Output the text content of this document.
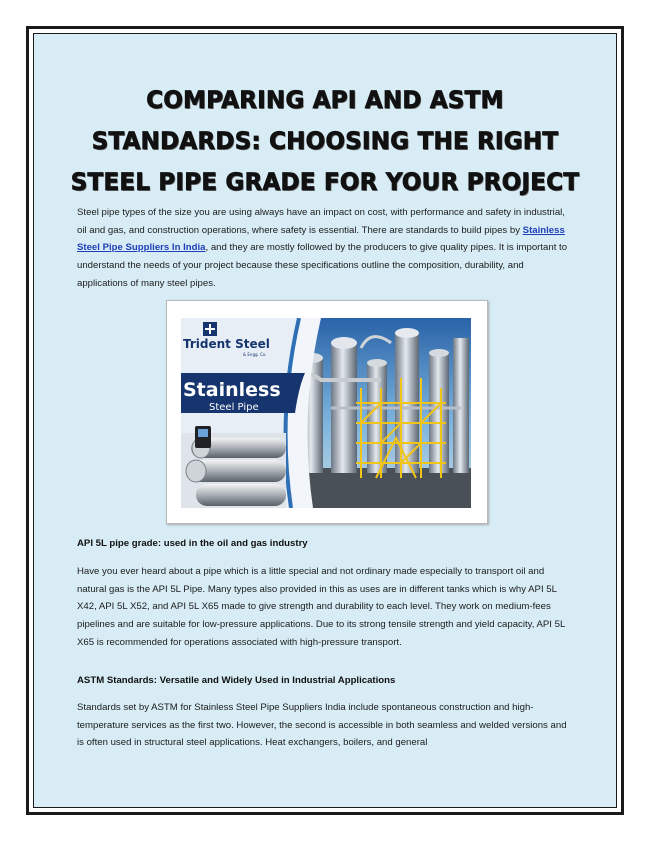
COMPARING API AND ASTM STANDARDS: CHOOSING THE RIGHT STEEL PIPE GRADE FOR YOUR PROJECT
Steel pipe types of the size you are using always have an impact on cost, with performance and safety in industrial, oil and gas, and construction operations, where safety is essential. There are standards to build pipes by Stainless Steel Pipe Suppliers In India, and they are mostly followed by the producers to give quality pipes. It is important to understand the needs of your project because these specifications outline the composition, durability, and applications of many steel pipes.
Trident Steel
& Engg. Co.
Stainless
Steel Pipe
API 5L pipe grade: used in the oil and gas industry
Have you ever heard about a pipe which is a little special and not ordinary made especially to transport oil and natural gas is the API 5L Pipe. Many types also provided in this as uses are in different tanks which is why API 5L X42, API 5L X52, and API 5L X65 made to give strength and durability to each level. They work on medium-fees pipelines and are suitable for low-pressure applications. Due to its strong tensile strength and yield capacity, API 5L X65 is recommended for operations associated with high-pressure transport.
ASTM Standards: Versatile and Widely Used in Industrial Applications
Standards set by ASTM for Stainless Steel Pipe Suppliers India include spontaneous construction and high-temperature services as the first two. However, the second is accessible in both seamless and welded versions and is often used in structural steel applications. Heat exchangers, boilers, and general
